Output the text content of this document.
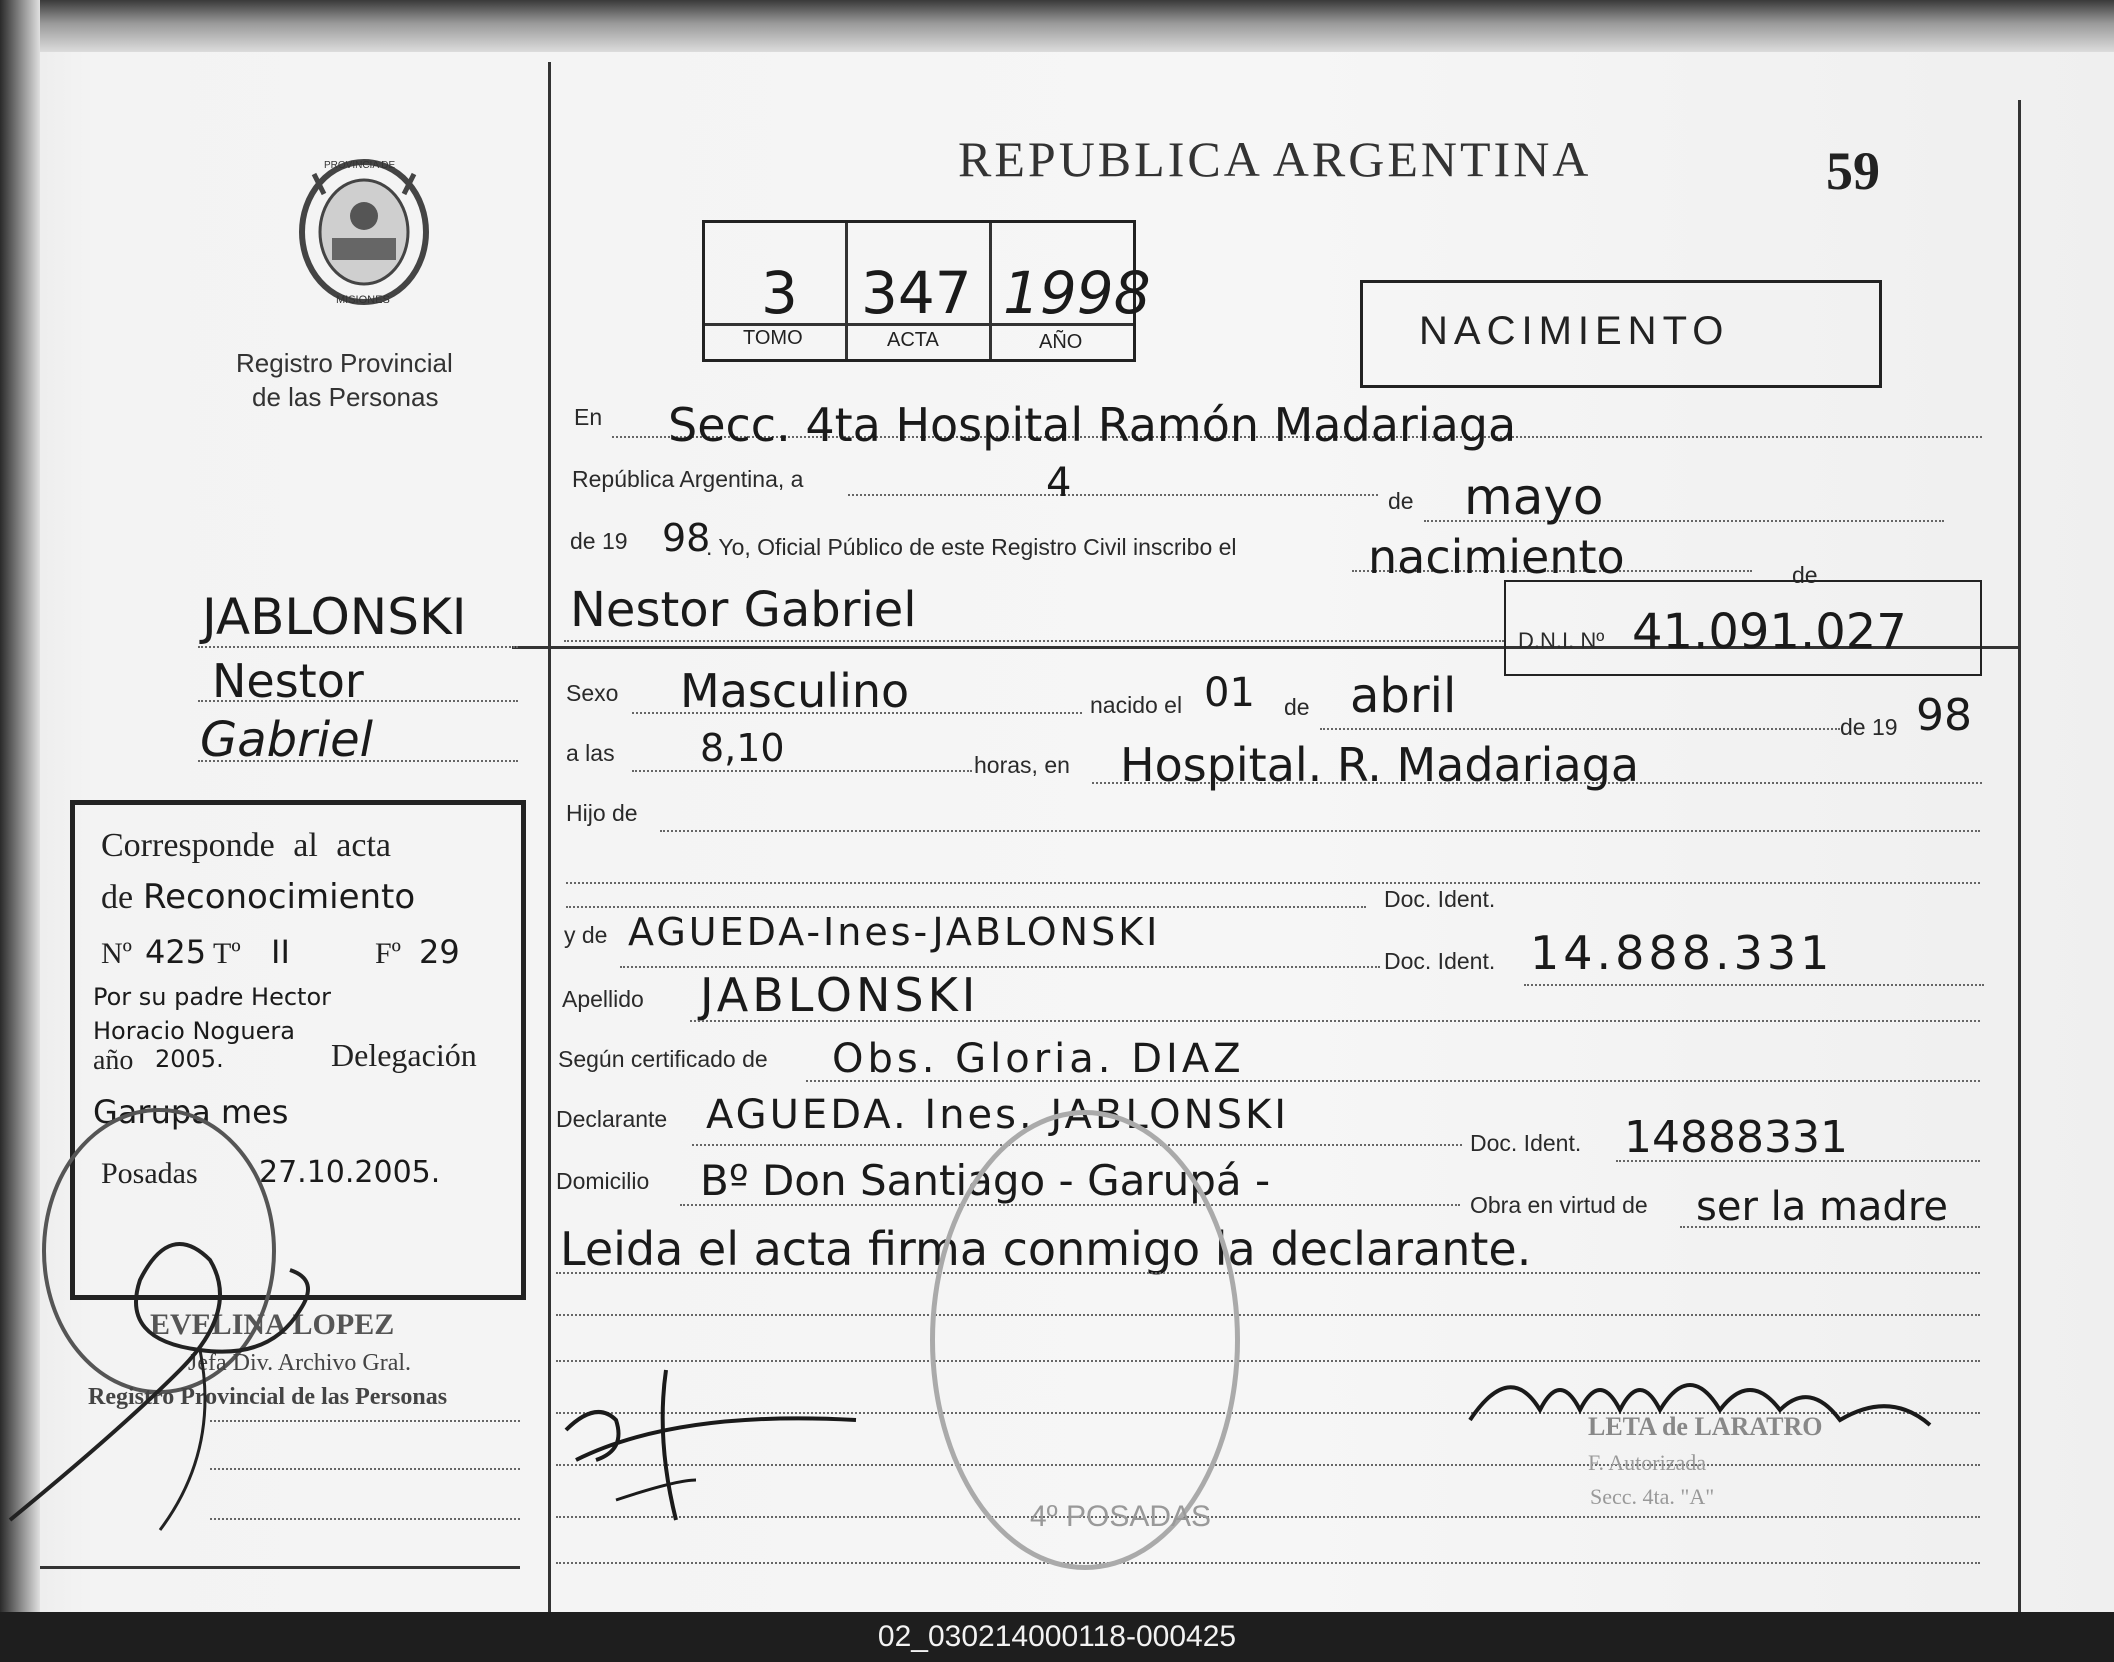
REPUBLICA ARGENTINA	59
PROVINCIA DE
MISIONES
Registro Provincial
de las Personas
3 347 1998
TOMO	ACTA	AÑO	NACIMIENTO
JABLONSKI
Nestor
Gabriel
Corresponde al acta
de Reconocimiento
Nº 425 Tº II	Fº 29
Por su padre Hector
Horacio Noguera
año 2005.	Delegación
Garupa mes
Posadas 27.10.2005.
EVELINA LOPEZ
Jefa Div. Archivo Gral.
Registro Provincial de las Personas
En Secc. 4ta Hospital Ramón Madariaga
República Argentina, a	4	de mayo
de 19 98
. Yo, Oficial Público de este Registro Civil inscribo el	nacimiento	de
Nestor Gabriel
D.N.I. Nº 41.091.027
Sexo Masculino	nacido el 01 de abril
de 19 98
a las 8,10	horas, en Hospital. R. Madariaga
Hijo de
Doc. Ident.
y de AGUEDA-Ines-JABLONSKI
Doc. Ident. 14.888.331
Apellido JABLONSKI
Según certificado de Obs. Gloria. DIAZ
Declarante AGUEDA. Ines. JABLONSKI
Doc. Ident. 14888331
Domicilio Bº Don Santiago - Garupá -	Obra en virtud de ser la madre
Leida el acta firma conmigo la declarante.
4º POSADAS
LETA de LARATRO
F. Autorizada
Secc. 4ta. "A"
02_030214000118-000425
